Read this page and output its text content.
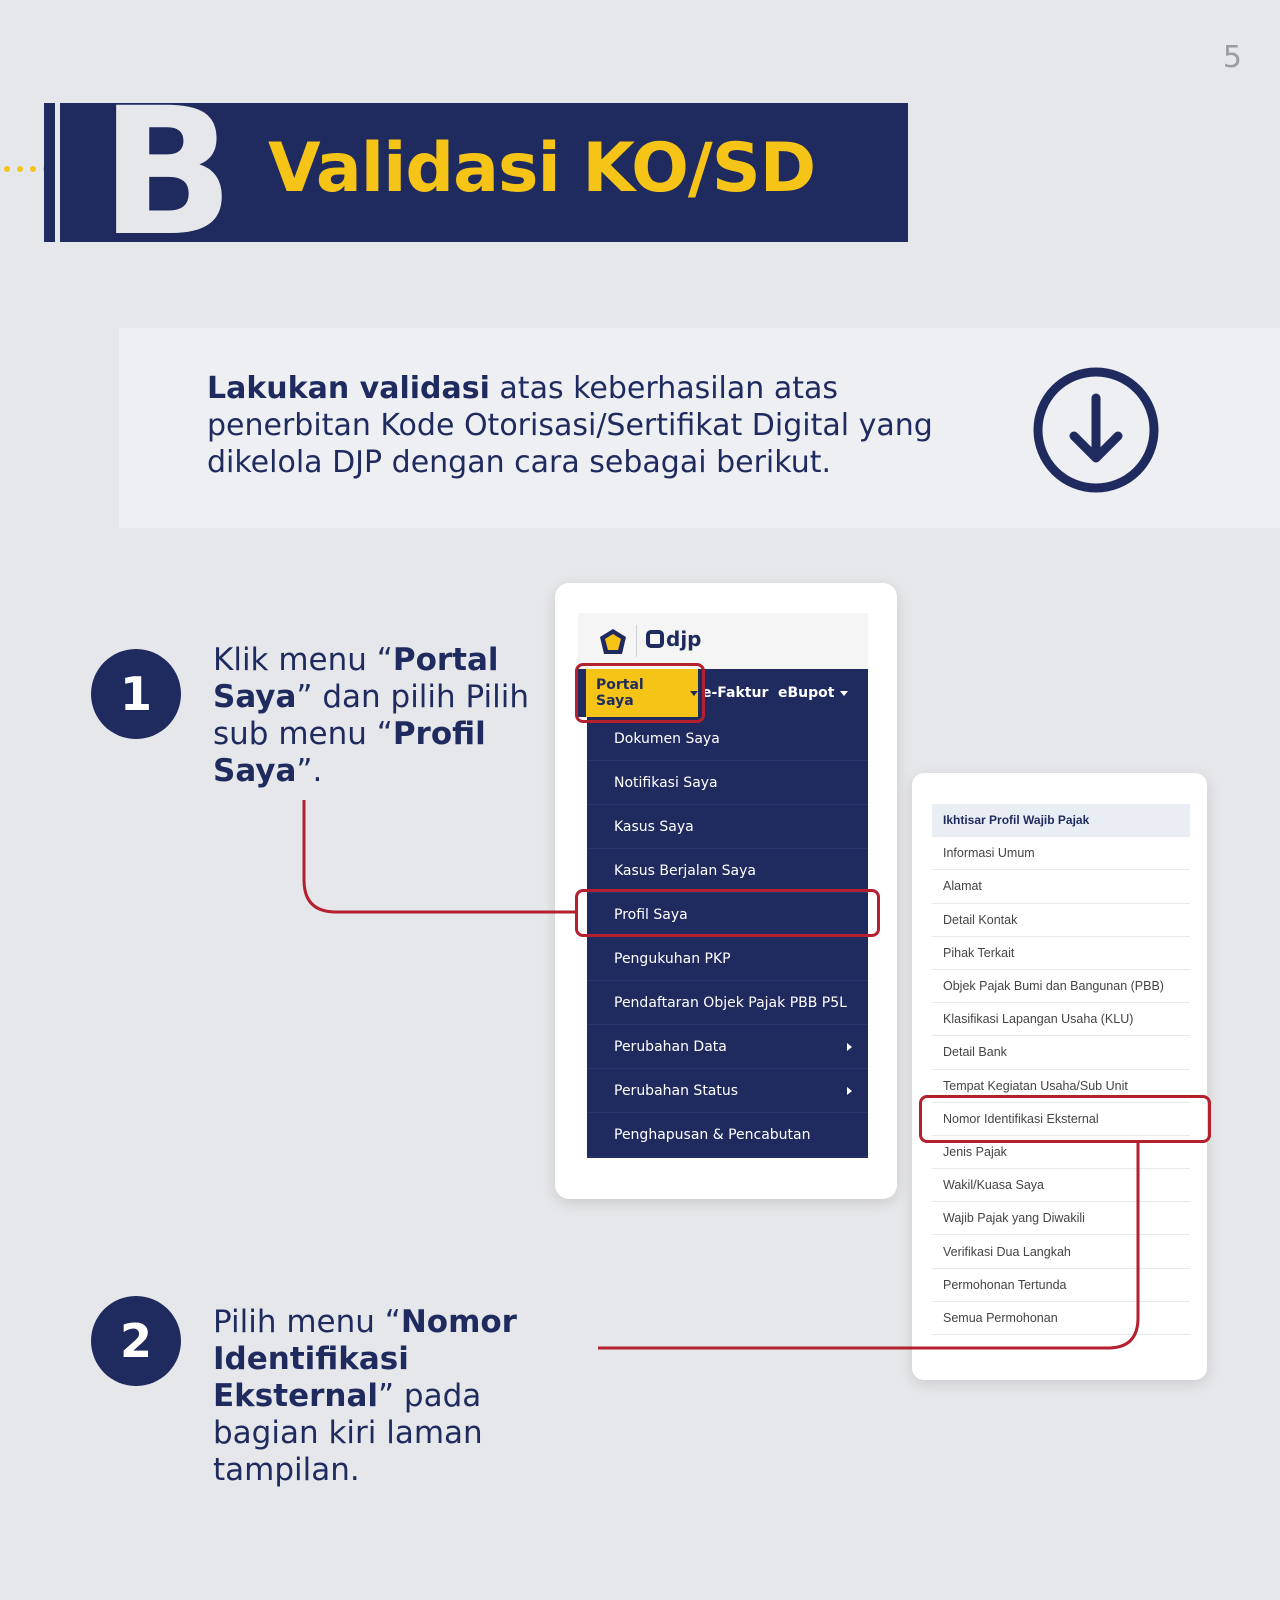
5
B Validasi KO/SD

Lakukan validasi atas keberhasilan atas penerbitan Kode Otorisasi/Sertifikat Digital yang dikelola DJP dengan cara sebagai berikut.

1

Klik menu “Portal Saya” dan pilih Pilih sub menu “Profil Saya”.

2	Pilih menu “Nomor Identifikasi Eksternal” pada bagian kiri laman tampilan.

djp
Portal Saya	e-Faktur eBupot
Dokumen Saya
Notifikasi Saya
Kasus Saya
Kasus Berjalan Saya
Profil Saya
Pengukuhan PKP
Pendaftaran Objek Pajak PBB P5L
Perubahan Data
Perubahan Status
Penghapusan & Pencabutan
Ikhtisar Profil Wajib Pajak
Informasi Umum
Alamat
Detail Kontak
Pihak Terkait
Objek Pajak Bumi dan Bangunan (PBB)
Klasifikasi Lapangan Usaha (KLU)
Detail Bank
Tempat Kegiatan Usaha/Sub Unit
Nomor Identifikasi Eksternal
Jenis Pajak
Wakil/Kuasa Saya
Wajib Pajak yang Diwakili
Verifikasi Dua Langkah
Permohonan Tertunda
Semua Permohonan
